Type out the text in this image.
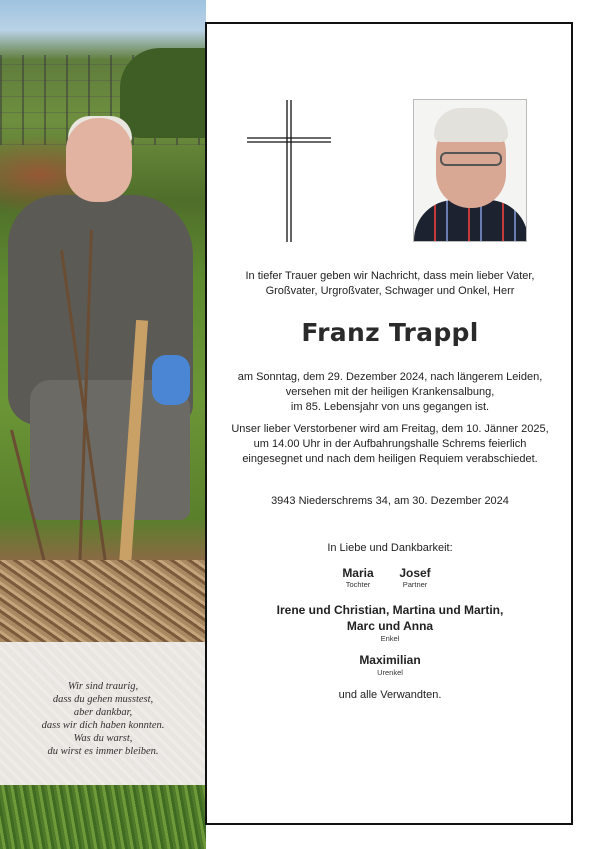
Wir sind traurig,
dass du gehen musstest,
aber dankbar,
dass wir dich haben konnten.
Was du warst,
du wirst es immer bleiben.
In tiefer Trauer geben wir Nachricht, dass mein lieber Vater,
Großvater, Urgroßvater, Schwager und Onkel, Herr
Franz Trappl
am Sonntag, dem 29. Dezember 2024, nach längerem Leiden,
versehen mit der heiligen Krankensalbung,
im 85. Lebensjahr von uns gegangen ist.
Unser lieber Verstorbener wird am Freitag, dem 10. Jänner 2025,
um 14.00 Uhr in der Aufbahrungshalle Schrems feierlich
eingesegnet und nach dem heiligen Requiem verabschiedet.
3943 Niederschrems 34, am 30. Dezember 2024
In Liebe und Dankbarkeit:
Maria
Tochter
Josef
Partner
Irene und Christian, Martina und Martin,
Marc und Anna
Enkel
Maximilian
Urenkel
und alle Verwandten.
